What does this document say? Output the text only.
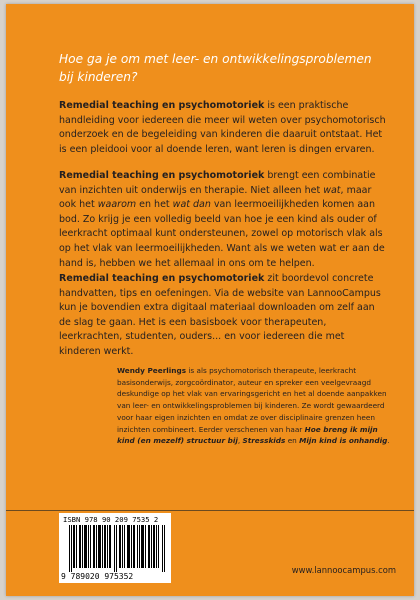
Hoe ga je om met leer- en ontwikkelingsproblemen
bij kinderen?
Remedial teaching en psychomotoriek is een praktische handleiding voor iedereen die meer wil weten over psychomotorisch onderzoek en de begeleiding van kinderen die daaruit ontstaat. Het is een pleidooi voor al doende leren, want leren is dingen ervaren.
Remedial teaching en psychomotoriek brengt een combinatie van inzichten uit onderwijs en therapie. Niet alleen het wat, maar ook het waarom en het wat dan van leermoeilijkheden komen aan bod. Zo krijg je een volledig beeld van hoe je een kind als ouder of leerkracht optimaal kunt ondersteunen, zowel op motorisch vlak als op het vlak van leermoeilijkheden. Want als we weten wat er aan de hand is, hebben we het allemaal in ons om te helpen.
Remedial teaching en psychomotoriek zit boordevol concrete handvatten, tips en oefeningen. Via de website van LannooCampus kun je bovendien extra digitaal materiaal downloaden om zelf aan de slag te gaan. Het is een basisboek voor therapeuten, leerkrachten, studenten, ouders... en voor iedereen die met kinderen werkt.
Wendy Peerlings is als psychomotorisch therapeute, leerkracht basisonderwijs, zorgcoördinator, auteur en spreker een veelgevraagd deskundige op het vlak van ervaringsgericht en het al doende aanpakken van leer- en ontwikkelingsproblemen bij kinderen. Ze wordt gewaardeerd voor haar eigen inzichten en omdat ze over disciplinaire grenzen heen inzichten combineert. Eerder verschenen van haar Hoe breng ik mijn kind (en mezelf) structuur bij, Stresskids en Mijn kind is onhandig.
ISBN 978 90 209 7535 2
9 789020 975352
www.lannoocampus.com
